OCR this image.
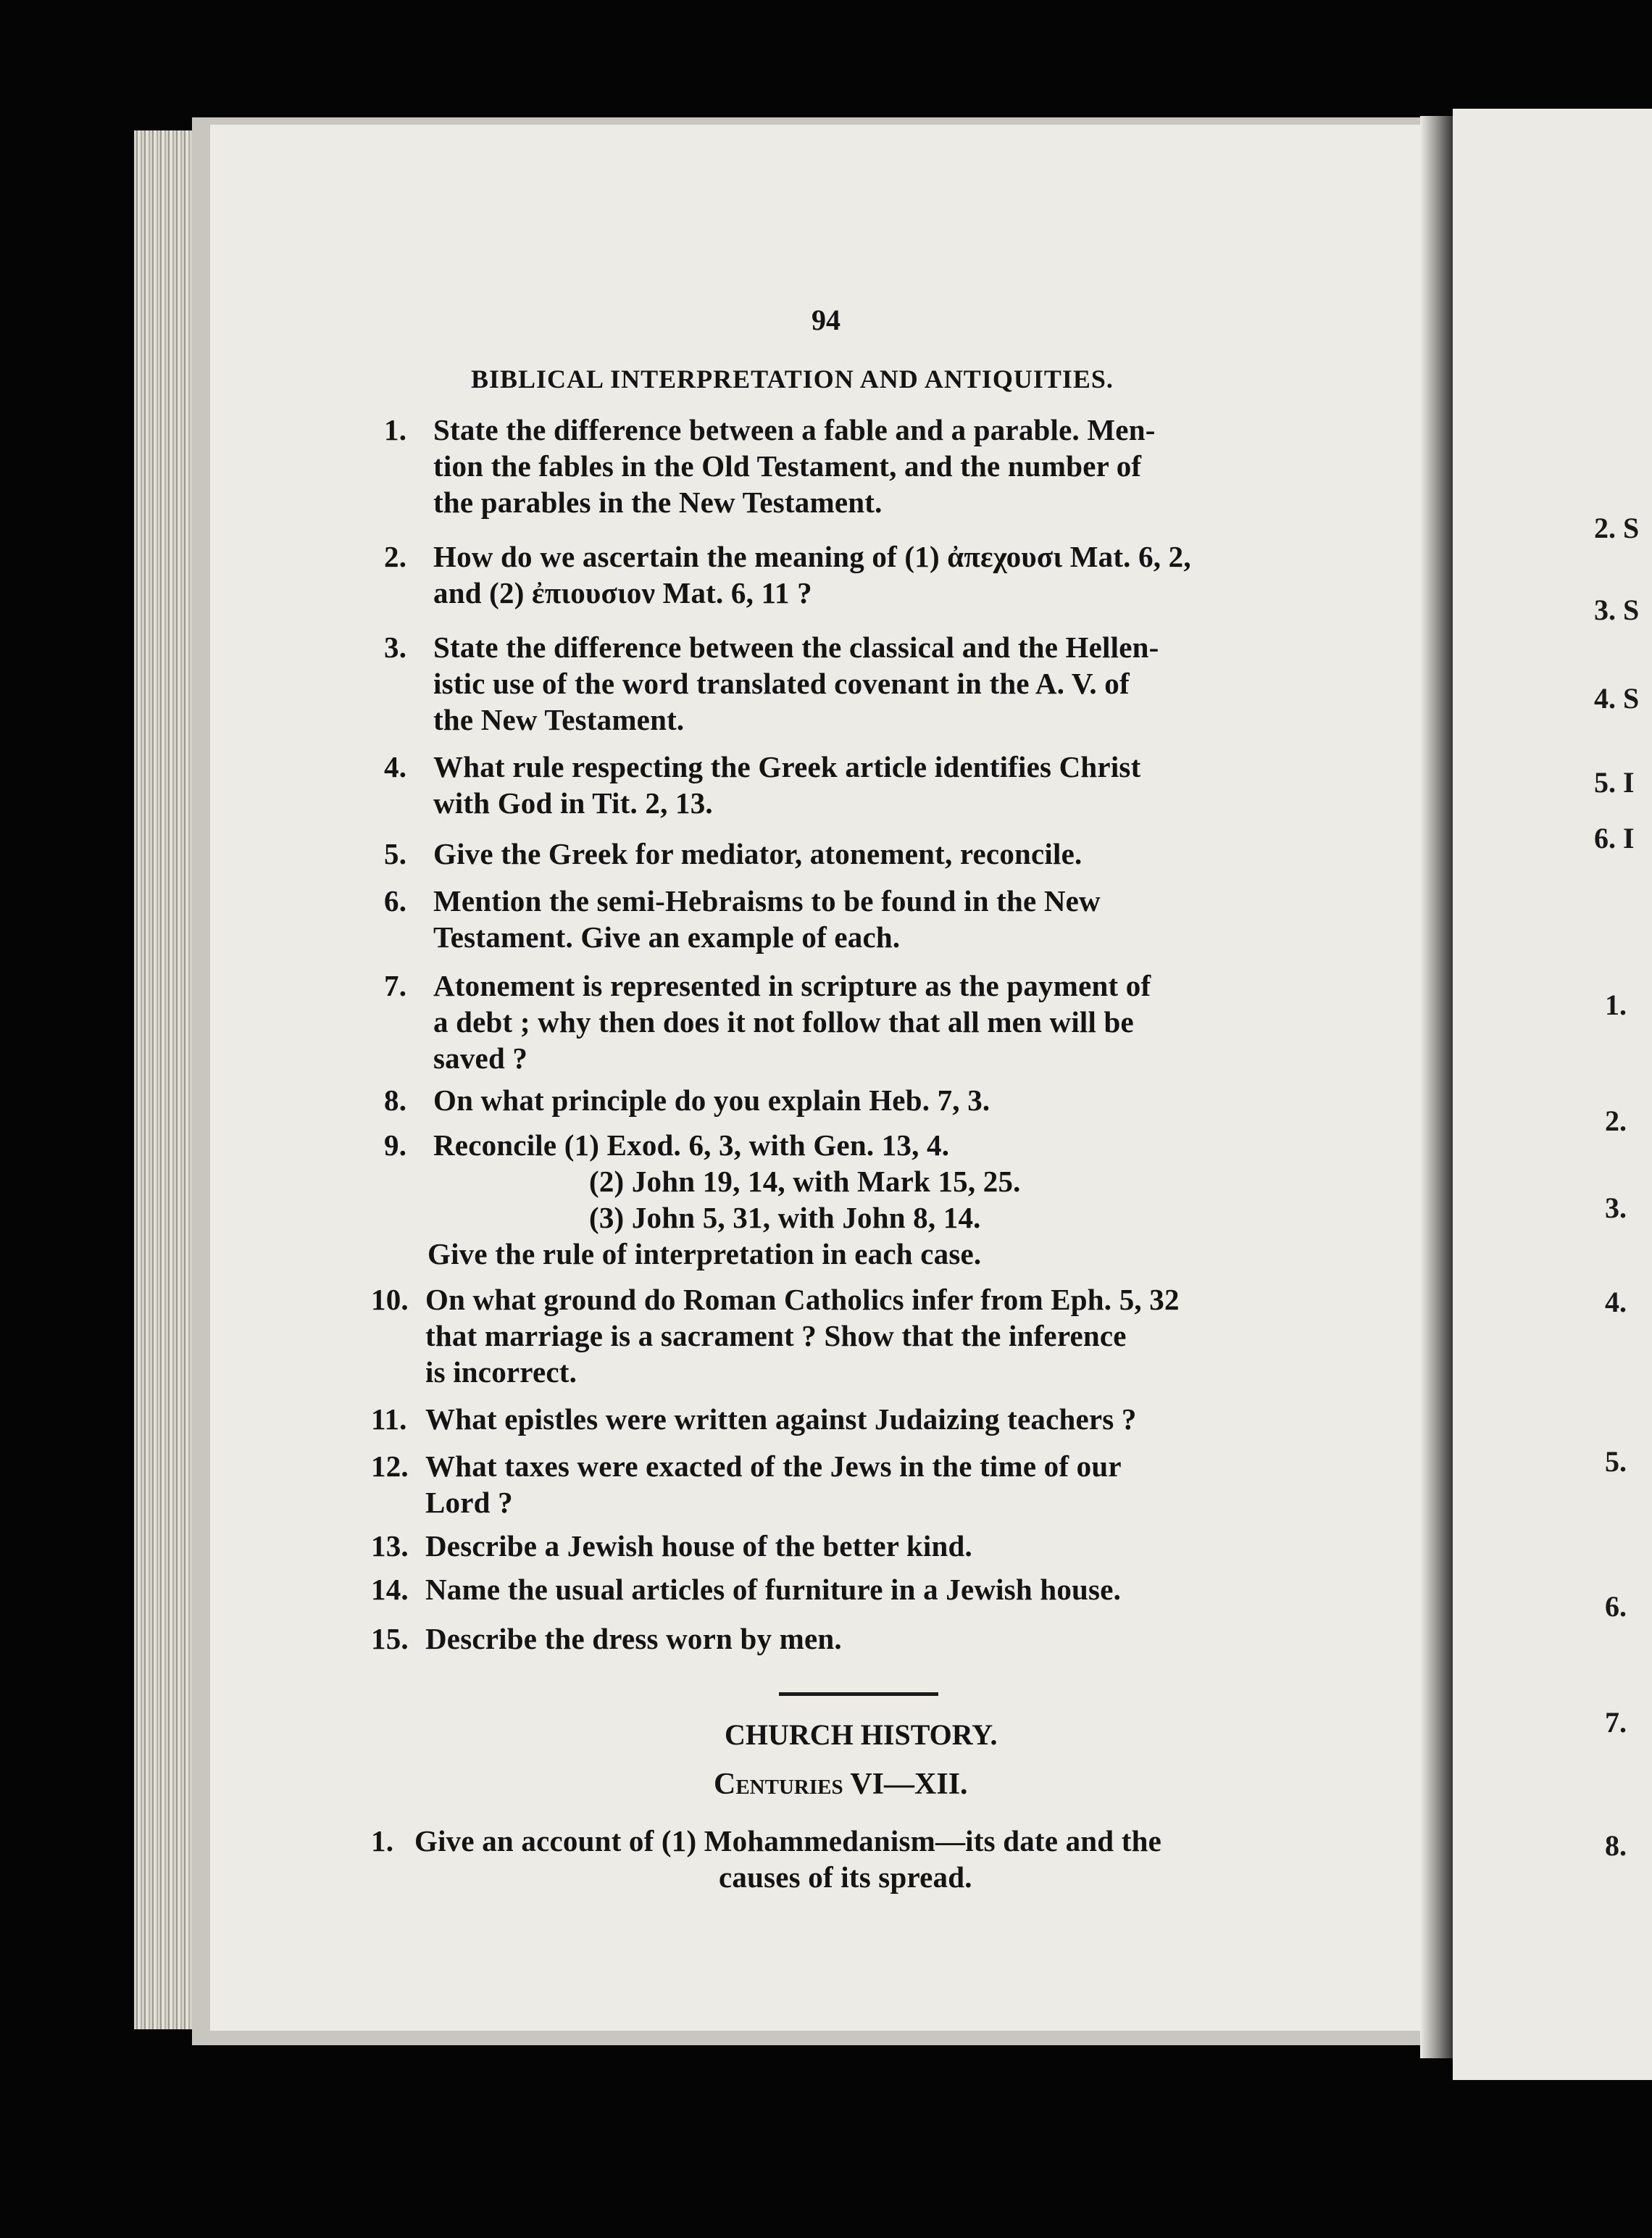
2. S
3. S
4. S
5. I
6. I
1.
2.
3.
4.
5.
6.
7.
8.
94
BIBLICAL INTERPRETATION AND ANTIQUITIES.
1. State the difference between a fable and a parable. Men-
tion the fables in the Old Testament, and the number of
the parables in the New Testament.
2. How do we ascertain the meaning of (1) ἀπεχουσι Mat. 6, 2,
and (2) ἐπιουσιον Mat. 6, 11 ?
3. State the difference between the classical and the Hellen-
istic use of the word translated covenant in the A. V. of
the New Testament.
4. What rule respecting the Greek article identifies Christ
with God in Tit. 2, 13.
5. Give the Greek for mediator, atonement, reconcile.
6. Mention the semi-Hebraisms to be found in the New
Testament. Give an example of each.
7. Atonement is represented in scripture as the payment of
a debt ; why then does it not follow that all men will be
saved ?
8. On what principle do you explain Heb. 7, 3.
9. Reconcile (1) Exod. 6, 3, with Gen. 13, 4.
(2) John 19, 14, with Mark 15, 25.
(3) John 5, 31, with John 8, 14.
Give the rule of interpretation in each case.
10. On what ground do Roman Catholics infer from Eph. 5, 32
that marriage is a sacrament ? Show that the inference
is incorrect.
11. What epistles were written against Judaizing teachers ?
12. What taxes were exacted of the Jews in the time of our
Lord ?
13. Describe a Jewish house of the better kind.
14. Name the usual articles of furniture in a Jewish house.
15. Describe the dress worn by men.
CHURCH HISTORY.
Centuries VI—XII.
1. Give an account of (1) Mohammedanism—its date and the
causes of its spread.
